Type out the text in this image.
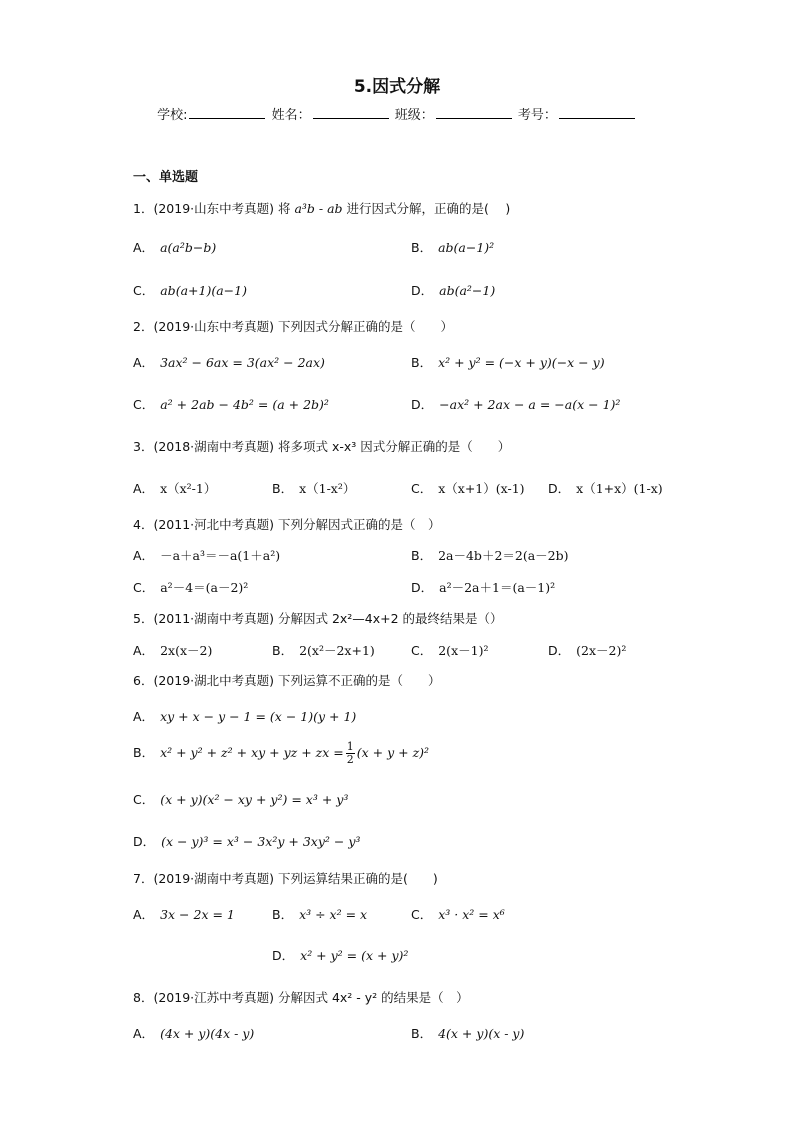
5.因式分解
学校:	姓名：	班级：	考号：
一、单选题
1．(2019·山东中考真题) 将 a³b - ab 进行因式分解，正确的是(　 )
A． a(a²b−b)	B． ab(a−1)²
C． ab(a+1)(a−1)	D． ab(a²−1)
2．(2019·山东中考真题) 下列因式分解正确的是（　　）
A． 3ax² − 6ax = 3(ax² − 2ax)	B． x² + y² = (−x + y)(−x − y)
C． a² + 2ab − 4b² = (a + 2b)²	D． −ax² + 2ax − a = −a(x − 1)²
3．(2018·湖南中考真题) 将多项式 x-x³ 因式分解正确的是（　　）
A． x（x²-1）	B． x（1-x²）	C． x（x+1）(x-1) D． x（1+x）(1-x)
4．(2011·河北中考真题) 下列分解因式正确的是（　）
A． －a＋a³＝－a(1＋a²)	B． 2a－4b＋2＝2(a－2b)
C． a²－4＝(a－2)²	D． a²－2a＋1＝(a－1)²
5．(2011·湖南中考真题) 分解因式 2x²—4x+2 的最终结果是（）
A． 2x(x－2)	B． 2(x²－2x+1)	C． 2(x－1)²	D． (2x－2)²
6．(2019·湖北中考真题) 下列运算不正确的是（　　）
A． xy + x − y − 1 = (x − 1)(y + 1)
B． x² + y² + z² + xy + yz + zx = $\frac{1}{2} (x + y + z)^2$
C． (x + y)(x² − xy + y²) = x³ + y³
D． (x − y)³ = x³ − 3x²y + 3xy² − y³
7．(2019·湖南中考真题) 下列运算结果正确的是(　　)
A． 3x − 2x = 1	B． x³ ÷ x² = x	C． x³ · x² = x⁶
D． x² + y² = (x + y)²
8．(2019·江苏中考真题) 分解因式 4x² - y² 的结果是（　）
A． (4x + y)(4x - y)	B． 4(x + y)(x - y)
